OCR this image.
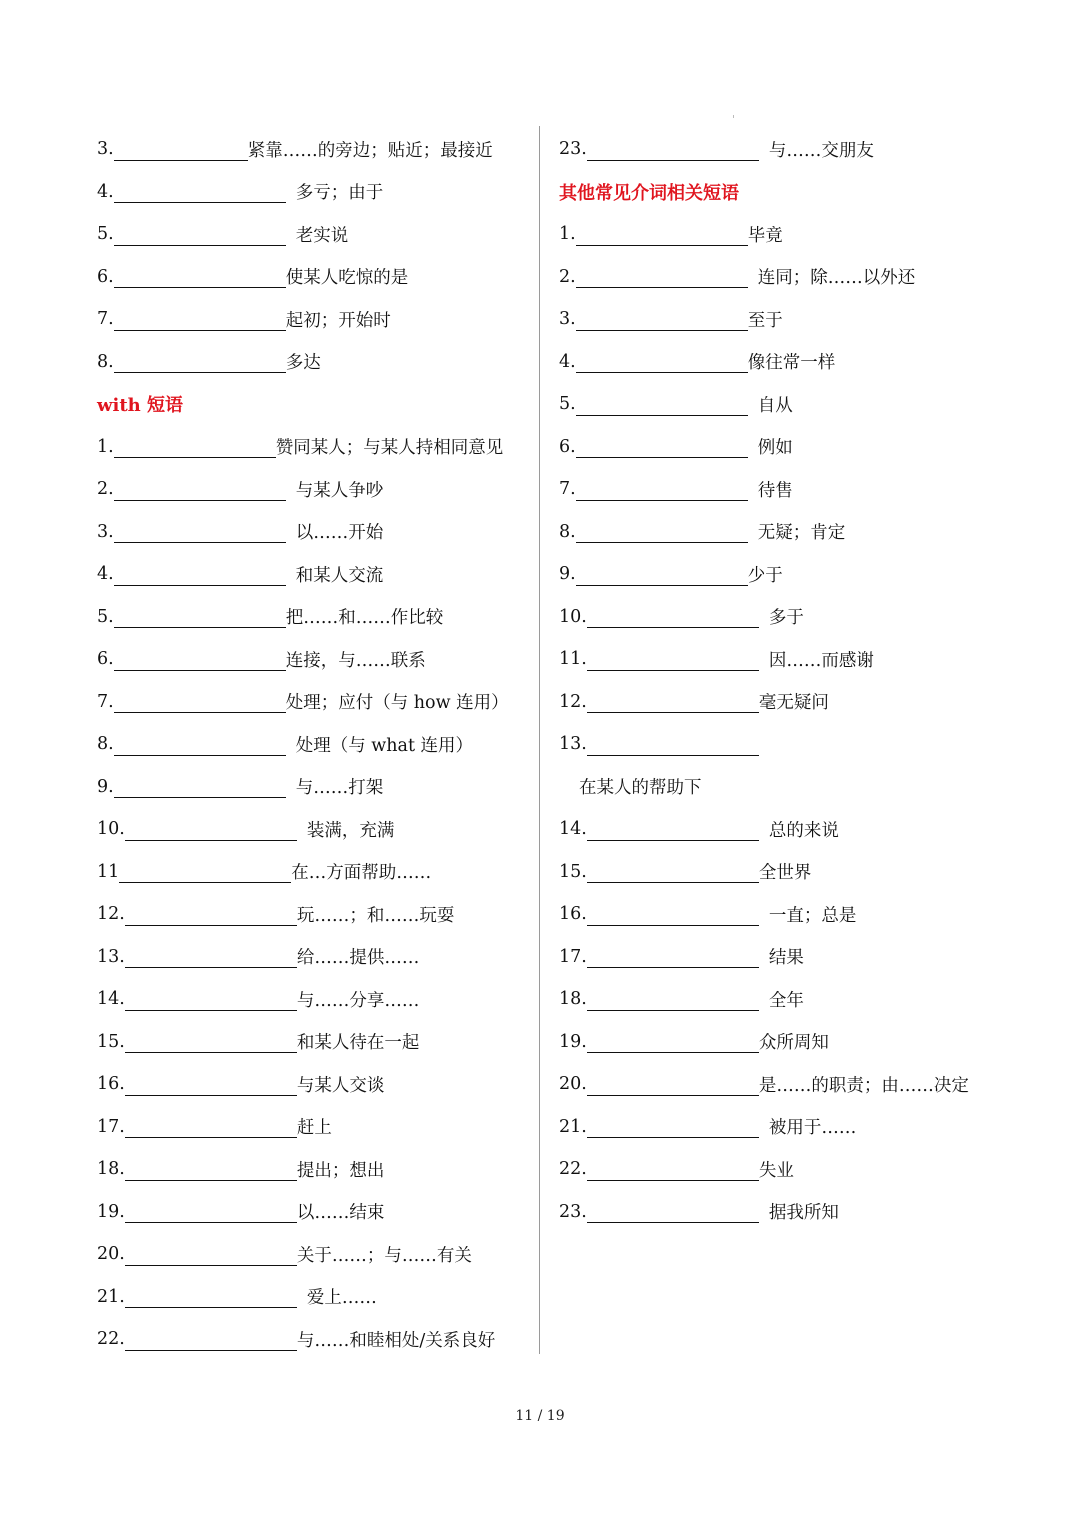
3.	紧靠……的旁边；贴近；最接近
4.	多亏；由于
5.	老实说
6.	使某人吃惊的是
7.	起初；开始时
8.	多达
with 短语
1.	赞同某人；与某人持相同意见
2.	与某人争吵
3.	以……开始
4.	和某人交流
5.	把……和……作比较
6.	连接，与……联系
7.	处理；应付（与 how 连用）
8.	处理（与 what 连用）
9.	与……打架
10.	装满，充满
11	在…方面帮助……
12.	玩……；和……玩耍
13.	给……提供……
14.	与……分享……
15.	和某人待在一起
16.	与某人交谈
17.	赶上
18.	提出；想出
19.	以……结束
20.	关于……；与……有关
21.	爱上……
22.	与……和睦相处/关系良好
23.	与……交朋友
其他常见介词相关短语
1.	毕竟
2.	连同；除……以外还
3.	至于
4.	像往常一样
5.	自从
6.	例如
7.	待售
8.	无疑；肯定
9.	少于
10.	多于
11.	因……而感谢
12.	毫无疑问
13.
在某人的帮助下
14.	总的来说
15.	全世界
16.	一直；总是
17.	结果
18.	全年
19.	众所周知
20.	是……的职责；由……决定
21.	被用于……
22.	失业
23.	据我所知
11 / 19
